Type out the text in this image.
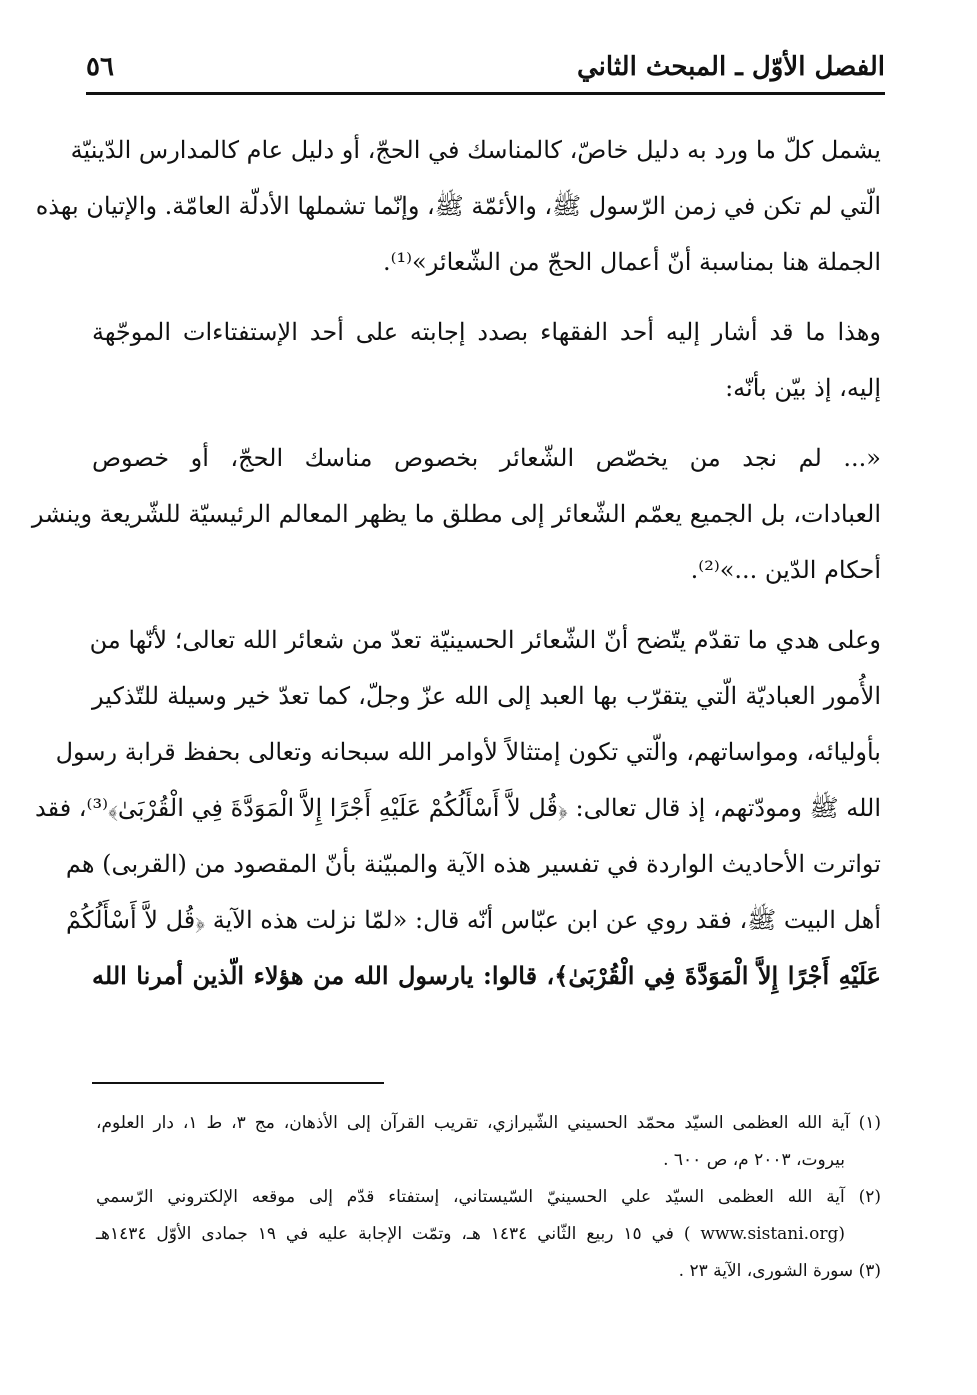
الفصل الأوّل ـ المبحث الثاني
٥٦
يشمل كلّ ما ورد به دليل خاصّ، كالمناسك في الحجّ، أو دليل عام كالمدارس الدّينيّة
الّتي لم تكن في زمن الرّسول ﷺ، والأئمّة ﷺ، وإنّما تشملها الأدلّة العامّة. والإتيان بهذه
الجملة هنا بمناسبة أنّ أعمال الحجّ من الشّعائر»⁽¹⁾.
وهذا ما قد أشار إليه أحد الفقهاء بصدد إجابته على أحد الإستفتاءات الموجّهة
إليه، إذ بيّن بأنّه:
«... لم نجد من يخصّص الشّعائر بخصوص مناسك الحجّ، أو خصوص
العبادات، بل الجميع يعمّم الشّعائر إلى مطلق ما يظهر المعالم الرئيسيّة للشّريعة وينشر
أحكام الدّين ...»⁽²⁾.
وعلى هدي ما تقدّم يتّضح أنّ الشّعائر الحسينيّة تعدّ من شعائر الله تعالى؛ لأنّها من
الأُمور العباديّة الّتي يتقرّب بها العبد إلى الله عزّ وجلّ، كما تعدّ خير وسيلة للتّذكير
بأوليائه، ومواساتهم، والّتي تكون إمتثالاً لأوامر الله سبحانه وتعالى بحفظ قرابة رسول
الله ﷺ ومودّتهم، إذ قال تعالى: ﴿قُل لاَّ أَسْأَلُكُمْ عَلَيْهِ أَجْرًا إِلاَّ الْمَوَدَّةَ فِي الْقُرْبَىٰ﴾⁽³⁾، فقد
تواترت الأحاديث الواردة في تفسير هذه الآية والمبيّنة بأنّ المقصود من (القربى) هم
أهل البيت ﷺ، فقد روي عن ابن عبّاس أنّه قال: «لمّا نزلت هذه الآية ﴿قُل لاَّ أَسْأَلُكُمْ
عَلَيْهِ أَجْرًا إِلاَّ الْمَوَدَّةَ فِي الْقُرْبَىٰ﴾، قالوا: يارسول الله من هؤلاء الّذين أمرنا الله
(١) آية الله العظمى السيّد محمّد الحسيني الشّيرازي، تقريب القرآن إلى الأذهان، مج ٣، ط ١، دار العلوم،
بيروت، ٢٠٠٣ م، ص ٦٠٠ .
(٢) آية الله العظمى السيّد علي الحسينيّ السّيستاني، إستفتاء قدّم إلى موقعه الإلكتروني الرّسمي
(www.sistani.org ) في ١٥ ربيع الثّاني ١٤٣٤ هـ، وتمّت الإجابة عليه في ١٩ جمادى الأوّل ١٤٣٤هـ
(٣) سورة الشورى، الآية ٢٣ .
